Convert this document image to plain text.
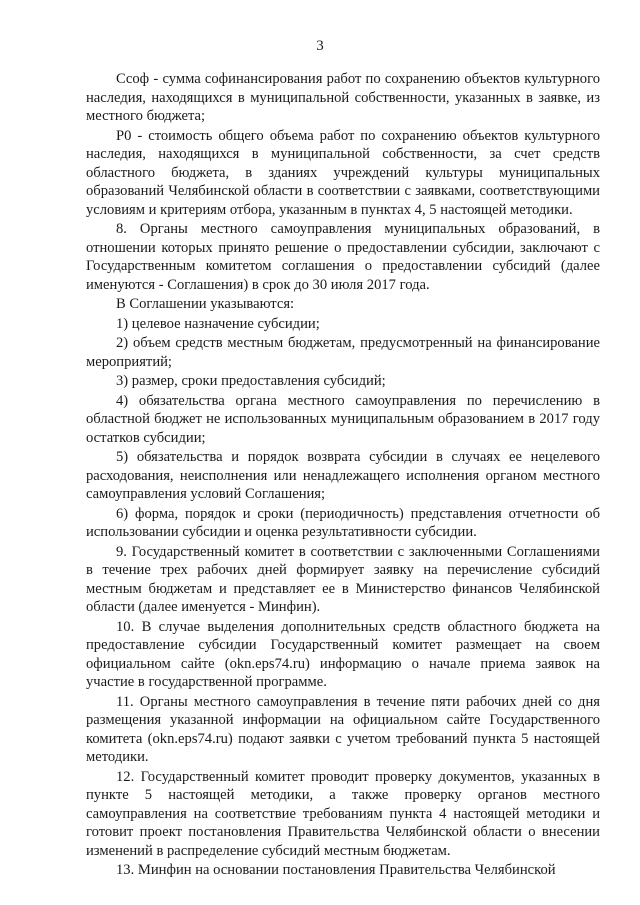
3

Ссоф - сумма софинансирования работ по сохранению объектов культурного наследия, находящихся в муниципальной собственности, указанных в заявке, из местного бюджета;

Р0 - стоимость общего объема работ по сохранению объектов культурного наследия, находящихся в муниципальной собственности, за счет средств областного бюджета, в зданиях учреждений культуры муниципальных образований Челябинской области в соответствии с заявками, соответствующими условиям и критериям отбора, указанным в пунктах 4, 5 настоящей методики.

8. Органы местного самоуправления муниципальных образований, в отношении которых принято решение о предоставлении субсидии, заключают с Государственным комитетом соглашения о предоставлении субсидий (далее именуются - Соглашения) в срок до 30 июля 2017 года.

В Соглашении указываются:

1) целевое назначение субсидии;

2) объем средств местным бюджетам, предусмотренный на финансирование мероприятий;

3) размер, сроки предоставления субсидий;

4) обязательства органа местного самоуправления по перечислению в областной бюджет не использованных муниципальным образованием в 2017 году остатков субсидии;

5) обязательства и порядок возврата субсидии в случаях ее нецелевого расходования, неисполнения или ненадлежащего исполнения органом местного самоуправления условий Соглашения;

6) форма, порядок и сроки (периодичность) представления отчетности об использовании субсидии и оценка результативности субсидии.

9. Государственный комитет в соответствии с заключенными Соглашениями в течение трех рабочих дней формирует заявку на перечисление субсидий местным бюджетам и представляет ее в Министерство финансов Челябинской области (далее именуется - Минфин).

10. В случае выделения дополнительных средств областного бюджета на предоставление субсидии Государственный комитет размещает на своем официальном сайте (okn.eps74.ru) информацию о начале приема заявок на участие в государственной программе.

11. Органы местного самоуправления в течение пяти рабочих дней со дня размещения указанной информации на официальном сайте Государственного комитета (okn.eps74.ru) подают заявки с учетом требований пункта 5 настоящей методики.

12. Государственный комитет проводит проверку документов, указанных в пункте 5 настоящей методики, а также проверку органов местного самоуправления на соответствие требованиям пункта 4 настоящей методики и готовит проект постановления Правительства Челябинской области о внесении изменений в распределение субсидий местным бюджетам.

13. Минфин на основании постановления Правительства Челябинской
